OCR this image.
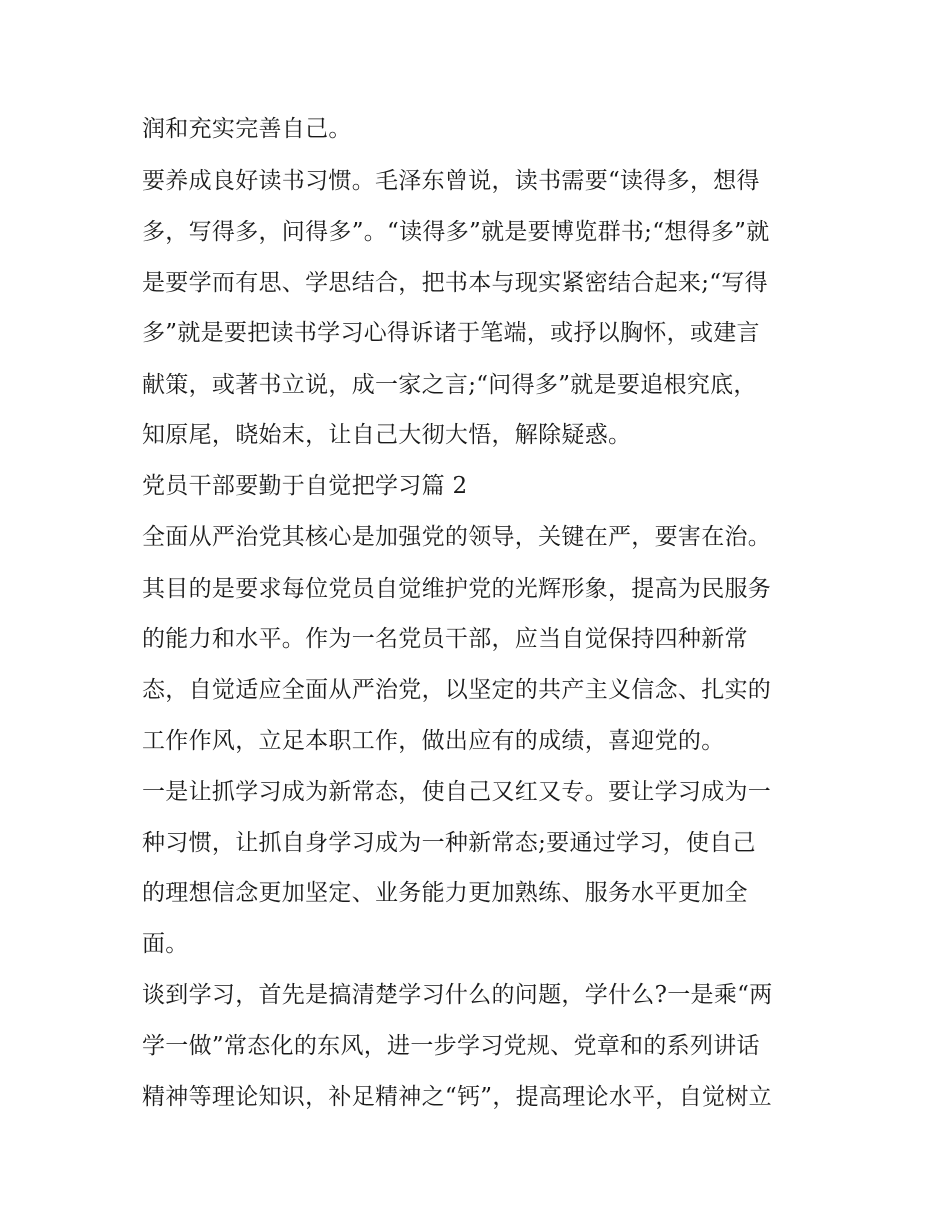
润和充实完善自己。
要养成良好读书习惯。毛泽东曾说，读书需要“读得多，想得
多，写得多，问得多”。“读得多”就是要博览群书;“想得多”就
是要学而有思、学思结合，把书本与现实紧密结合起来;“写得
多”就是要把读书学习心得诉诸于笔端，或抒以胸怀，或建言
献策，或著书立说，成一家之言;“问得多”就是要追根究底，
知原尾，晓始末，让自己大彻大悟，解除疑惑。
党员干部要勤于自觉把学习篇 2
全面从严治党其核心是加强党的领导，关键在严，要害在治。
其目的是要求每位党员自觉维护党的光辉形象，提高为民服务
的能力和水平。作为一名党员干部，应当自觉保持四种新常
态，自觉适应全面从严治党，以坚定的共产主义信念、扎实的
工作作风，立足本职工作，做出应有的成绩，喜迎党的。
一是让抓学习成为新常态，使自己又红又专。要让学习成为一
种习惯，让抓自身学习成为一种新常态;要通过学习，使自己
的理想信念更加坚定、业务能力更加熟练、服务水平更加全
面。
谈到学习，首先是搞清楚学习什么的问题，学什么?一是乘“两
学一做”常态化的东风，进一步学习党规、党章和的系列讲话
精神等理论知识，补足精神之“钙”，提高理论水平，自觉树立
